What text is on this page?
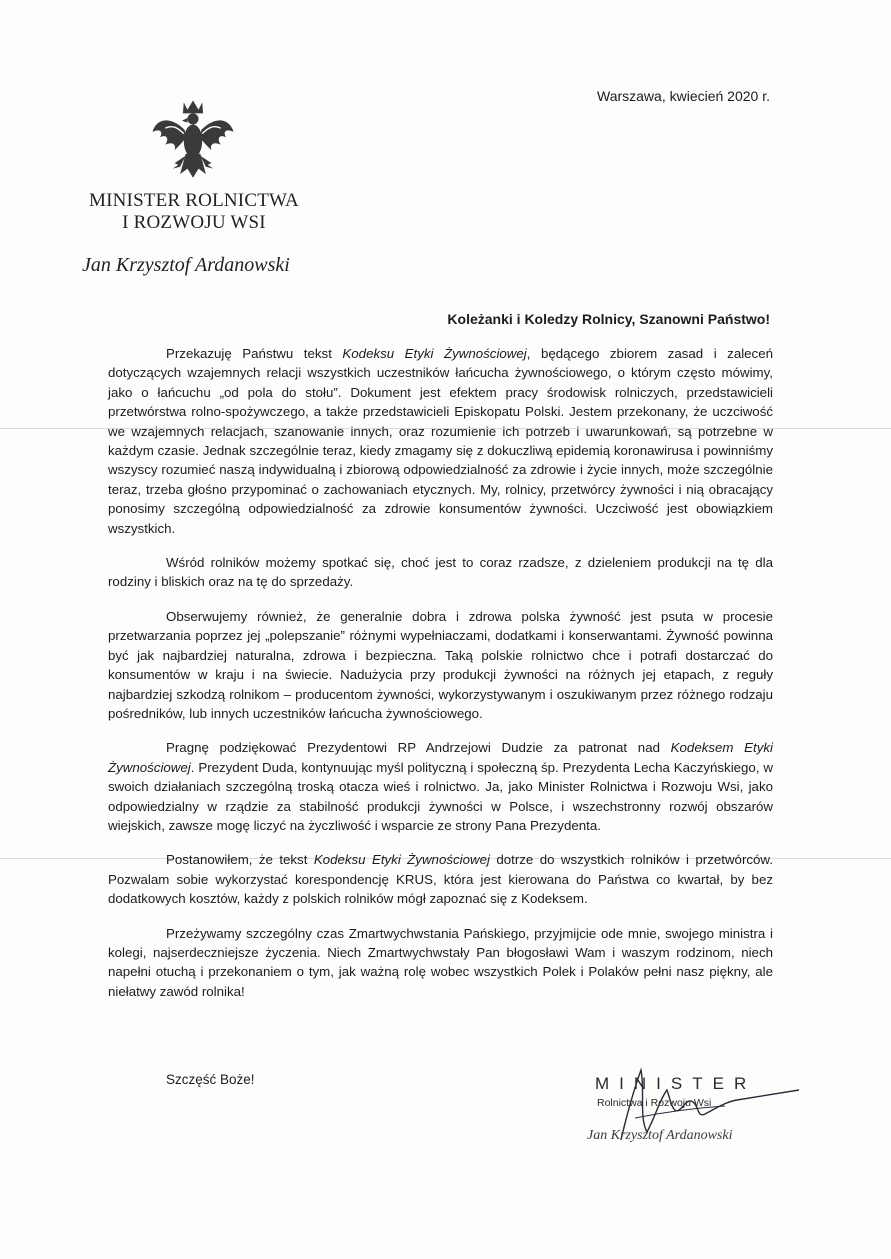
Warszawa, kwiecień 2020 r.
MINISTER ROLNICTWA
I ROZWOJU WSI
Jan Krzysztof Ardanowski
Koleżanki i Koledzy Rolnicy, Szanowni Państwo!

Przekazuję Państwu tekst Kodeksu Etyki Żywnościowej, będącego zbiorem zasad i zaleceń dotyczących wzajemnych relacji wszystkich uczestników łańcucha żywnościowego, o którym często mówimy, jako o łańcuchu „od pola do stołu”. Dokument jest efektem pracy środowisk rolniczych, przedstawicieli przetwórstwa rolno-spożywczego, a także przedstawicieli Episkopatu Polski. Jestem przekonany, że uczciwość we wzajemnych relacjach, szanowanie innych, oraz rozumienie ich potrzeb i uwarunkowań, są potrzebne w każdym czasie. Jednak szczególnie teraz, kiedy zmagamy się z dokuczliwą epidemią koronawirusa i powinniśmy wszyscy rozumieć naszą indywidualną i zbiorową odpowiedzialność za zdrowie i życie innych, może szczególnie teraz, trzeba głośno przypominać o zachowaniach etycznych. My, rolnicy, przetwórcy żywności i nią obracający ponosimy szczególną odpowiedzialność za zdrowie konsumentów żywności. Uczciwość jest obowiązkiem wszystkich.

Wśród rolników możemy spotkać się, choć jest to coraz rzadsze, z dzieleniem produkcji na tę dla rodziny i bliskich oraz na tę do sprzedaży.

Obserwujemy również, że generalnie dobra i zdrowa polska żywność jest psuta w procesie przetwarzania poprzez jej „polepszanie” różnymi wypełniaczami, dodatkami i konserwantami. Żywność powinna być jak najbardziej naturalna, zdrowa i bezpieczna. Taką polskie rolnictwo chce i potrafi dostarczać do konsumentów w kraju i na świecie. Nadużycia przy produkcji żywności na różnych jej etapach, z reguły najbardziej szkodzą rolnikom – producentom żywności, wykorzystywanym i oszukiwanym przez różnego rodzaju pośredników, lub innych uczestników łańcucha żywnościowego.

Pragnę podziękować Prezydentowi RP Andrzejowi Dudzie za patronat nad Kodeksem Etyki Żywnościowej. Prezydent Duda, kontynuując myśl polityczną i społeczną śp. Prezydenta Lecha Kaczyńskiego, w swoich działaniach szczególną troską otacza wieś i rolnictwo. Ja, jako Minister Rolnictwa i Rozwoju Wsi, jako odpowiedzialny w rządzie za stabilność produkcji żywności w Polsce, i wszechstronny rozwój obszarów wiejskich, zawsze mogę liczyć na życzliwość i wsparcie ze strony Pana Prezydenta.

Postanowiłem, że tekst Kodeksu Etyki Żywnościowej dotrze do wszystkich rolników i przetwórców. Pozwalam sobie wykorzystać korespondencję KRUS, która jest kierowana do Państwa co kwartał, by bez dodatkowych kosztów, każdy z polskich rolników mógł zapoznać się z Kodeksem.

Przeżywamy szczególny czas Zmartwychwstania Pańskiego, przyjmijcie ode mnie, swojego ministra i kolegi, najserdeczniejsze życzenia. Niech Zmartwychwstały Pan błogosławi Wam i waszym rodzinom, niech napełni otuchą i przekonaniem o tym, jak ważną rolę wobec wszystkich Polek i Polaków pełni nasz piękny, ale niełatwy zawód rolnika!

Szczęść Boże!	MINISTER
Rolnictwa i Rozwoju Wsi
Jan Krzysztof Ardanowski
